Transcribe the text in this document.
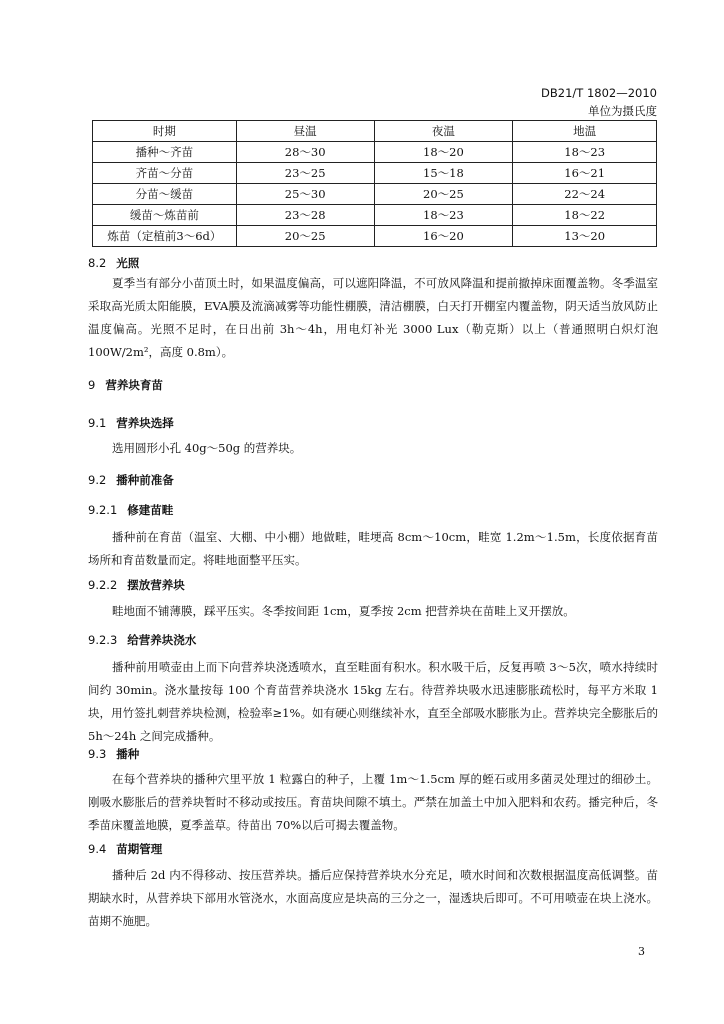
DB21/T 1802—2010
单位为摄氏度
时期	昼温	夜温	地温
播种～齐苗	28～30	18～20	18～23
齐苗～分苗	23～25	15～18	16～21
分苗～缓苗	25～30	20～25	22～24
缓苗～炼苗前	23～28	18～23	18～22
炼苗（定植前3～6d）	20～25	16～20	13～20
8.2 光照
夏季当有部分小苗顶土时，如果温度偏高，可以遮阳降温，不可放风降温和提前撤掉床面覆盖物。冬季温室采取高光质太阳能膜，EVA膜及流滴减雾等功能性棚膜，清洁棚膜，白天打开棚室内覆盖物，阴天适当放风防止温度偏高。光照不足时，在日出前 3h～4h，用电灯补光 3000 Lux（勒克斯）以上（普通照明白炽灯泡100W/2m²，高度 0.8m）。
9 营养块育苗
9.1 营养块选择
选用圆形小孔 40g～50g 的营养块。
9.2 播种前准备
9.2.1 修建苗畦
播种前在育苗（温室、大棚、中小棚）地做畦，畦埂高 8cm～10cm，畦宽 1.2m～1.5m，长度依据育苗场所和育苗数量而定。将畦地面整平压实。
9.2.2 摆放营养块
畦地面不铺薄膜，踩平压实。冬季按间距 1cm，夏季按 2cm 把营养块在苗畦上叉开摆放。
9.2.3 给营养块浇水
播种前用喷壶由上而下向营养块浇透喷水，直至畦面有积水。积水吸干后，反复再喷 3～5次，喷水持续时间约 30min。浇水量按每 100 个育苗营养块浇水 15kg 左右。待营养块吸水迅速膨胀疏松时，每平方米取 1块，用竹签扎刺营养块检测，检验率≥1%。如有硬心则继续补水，直至全部吸水膨胀为止。营养块完全膨胀后的 5h～24h 之间完成播种。
9.3 播种
在每个营养块的播种穴里平放 1 粒露白的种子，上覆 1m～1.5cm 厚的蛭石或用多菌灵处理过的细砂土。刚吸水膨胀后的营养块暂时不移动或按压。育苗块间隙不填土。严禁在加盖土中加入肥料和农药。播完种后，冬季苗床覆盖地膜，夏季盖草。待苗出 70%以后可揭去覆盖物。
9.4 苗期管理
播种后 2d 内不得移动、按压营养块。播后应保持营养块水分充足，喷水时间和次数根据温度高低调整。苗期缺水时，从营养块下部用水管浇水，水面高度应是块高的三分之一，湿透块后即可。不可用喷壶在块上浇水。苗期不施肥。
3
